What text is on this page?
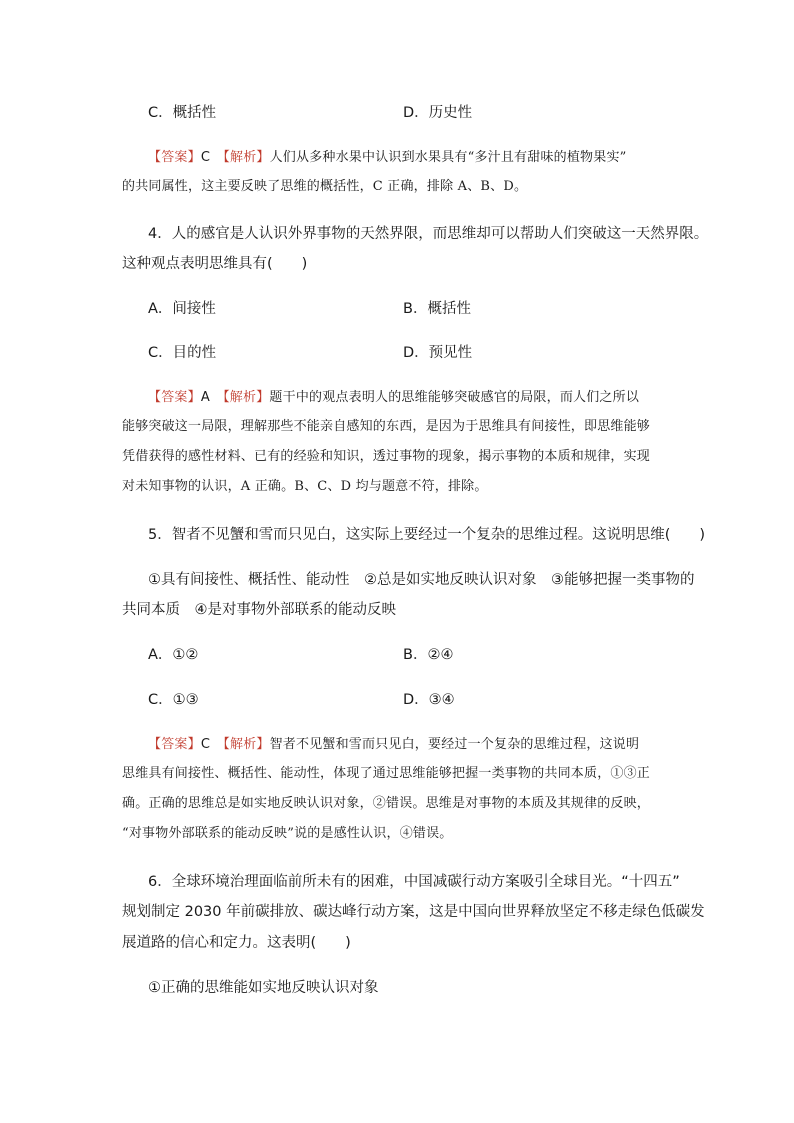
C．概括性	D．历史性
【答案】C　 【解析】人们从多种水果中认识到水果具有“多汁且有甜味的植物果实”
的共同属性，这主要反映了思维的概括性，C 正确，排除 A、B、D。
4．人的感官是人认识外界事物的天然界限，而思维却可以帮助人们突破这一天然界限。
这种观点表明思维具有(　　)
A．间接性	B．概括性
C．目的性	D．预见性
【答案】A　 【解析】题干中的观点表明人的思维能够突破感官的局限，而人们之所以
能够突破这一局限，理解那些不能亲自感知的东西，是因为于思维具有间接性，即思维能够
凭借获得的感性材料、已有的经验和知识，透过事物的现象，揭示事物的本质和规律，实现
对未知事物的认识，A 正确。B、C、D 均与题意不符，排除。
5．智者不见蟹和雪而只见白，这实际上要经过一个复杂的思维过程。这说明思维(　　)
①具有间接性、概括性、能动性　②总是如实地反映认识对象　③能够把握一类事物的
共同本质　④是对事物外部联系的能动反映
A．①②	B．②④
C．①③	D．③④
【答案】C　 【解析】智者不见蟹和雪而只见白，要经过一个复杂的思维过程，这说明
思维具有间接性、概括性、能动性，体现了通过思维能够把握一类事物的共同本质，①③正
确。正确的思维总是如实地反映认识对象，②错误。思维是对事物的本质及其规律的反映，
“对事物外部联系的能动反映”说的是感性认识，④错误。
6．全球环境治理面临前所未有的困难，中国减碳行动方案吸引全球目光。“十四五”
规划制定 2030 年前碳排放、碳达峰行动方案，这是中国向世界释放坚定不移走绿色低碳发
展道路的信心和定力。这表明(　　)
①正确的思维能如实地反映认识对象
